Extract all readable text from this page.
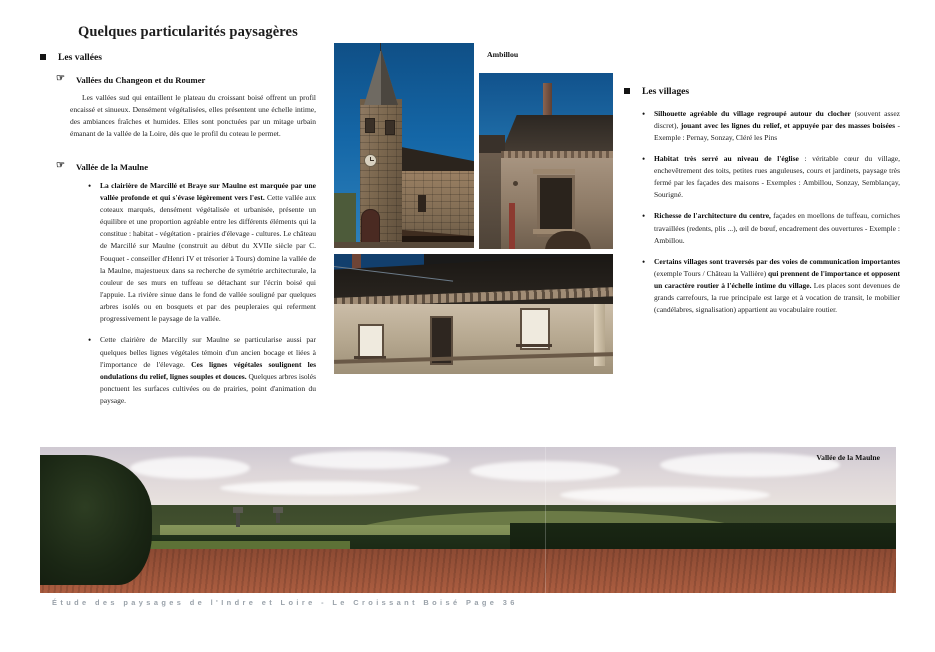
Quelques particularités paysagères
Les vallées
☞ Vallées du Changeon et du Roumer

Les vallées sud qui entaillent le plateau du croissant boisé offrent un profil encaissé et sinueux. Densément végétalisées, elles présentent une échelle intime, des ambiances fraîches et humides. Elles sont ponctuées par un mitage urbain émanant de la vallée de la Loire, dès que le profil du coteau le permet.

☞ Vallée de la Maulne
• La clairière de Marcillé et Braye sur Maulne est marquée par une vallée profonde et qui s'évase légèrement vers l'est. Cette vallée aux coteaux marqués, densément végétalisée et urbanisée, présente un équilibre et une proportion agréable entre les différents éléments qui la constitue : habitat - végétation - prairies d'élevage - cultures. Le château de Marcillé sur Maulne (construit au début du XVIIe siècle par C. Fouquet - conseiller d'Henri IV et trésorier à Tours) domine la vallée de la Maulne, majestueux dans sa recherche de symétrie architecturale, la couleur de ses murs en tuffeau se détachant sur l'écrin boisé qui l'appuie. La rivière sinue dans le fond de vallée souligné par quelques arbres isolés ou en bosquets et par des peupleraies qui referment progressivement le paysage de la vallée.
• Cette clairière de Marcilly sur Maulne se particularise aussi par quelques belles lignes végétales témoin d'un ancien bocage et liées à l'importance de l'élevage. Ces lignes végétales soulignent les ondulations du relief, lignes souples et douces. Quelques arbres isolés ponctuent les surfaces cultivées ou de prairies, point d'animation du paysage.
Les villages
• Silhouette agréable du village regroupé autour du clocher (souvent assez discret), jouant avec les lignes du relief, et appuyée par des masses boisées - Exemple : Pernay, Sonzay, Cléré les Pins
• Habitat très serré au niveau de l'église : véritable cœur du village, enchevêtrement des toits, petites rues anguleuses, cours et jardinets, paysage très fermé par les façades des maisons - Exemples : Ambillou, Sonzay, Semblançay, Sourigné.
• Richesse de l'architecture du centre, façades en moellons de tuffeau, corniches travaillées (redents, plis ...), œil de bœuf, encadrement des ouvertures - Exemple : Ambillou.
• Certains villages sont traversés par des voies de communication importantes (exemple Tours / Château la Vallière) qui prennent de l'importance et opposent un caractère routier à l'échelle intime du village. Les places sont devenues de grands carrefours, la rue principale est large et à vocation de transit, le mobilier (candélabres, signalisation) appartient au vocabulaire routier.
Ambillou
Vallée de la Maulne
Étude des paysages de l'Indre et Loire - Le Croissant Boisé Page 36
